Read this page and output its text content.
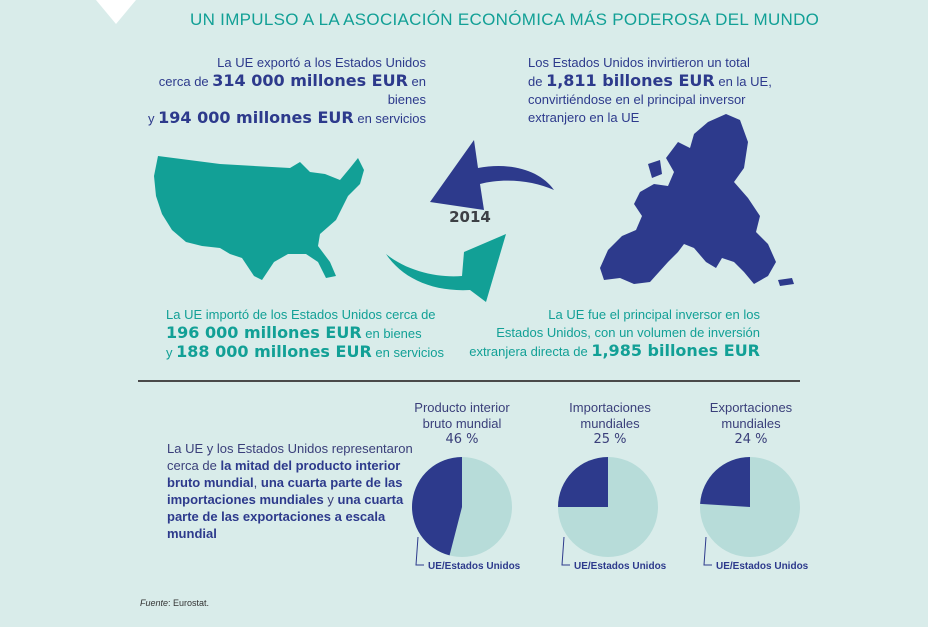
UN IMPULSO A LA ASOCIACIÓN ECONÓMICA MÁS PODEROSA DEL MUNDO
La UE exportó a los Estados Unidos
cerca de 314 000 millones EUR en bienes
y 194 000 millones EUR en servicios
Los Estados Unidos invirtieron un total
de 1,811 billones EUR en la UE,
convirtiéndose en el principal inversor
extranjero en la UE
2014
La UE importó de los Estados Unidos cerca de
196 000 millones EUR en bienes
y 188 000 millones EUR en servicios
La UE fue el principal inversor en los
Estados Unidos, con un volumen de inversión
extranjera directa de 1,985 billones EUR
La UE y los Estados Unidos representaron
cerca de la mitad del producto interior bruto mundial, una cuarta parte de las importaciones mundiales y una cuarta parte de las exportaciones a escala mundial
Producto interior
bruto mundial
46 %
Importaciones
mundiales
25 %
Exportaciones
mundiales
24 %
UE/Estados Unidos	UE/Estados Unidos	UE/Estados Unidos
Fuente: Eurostat.
